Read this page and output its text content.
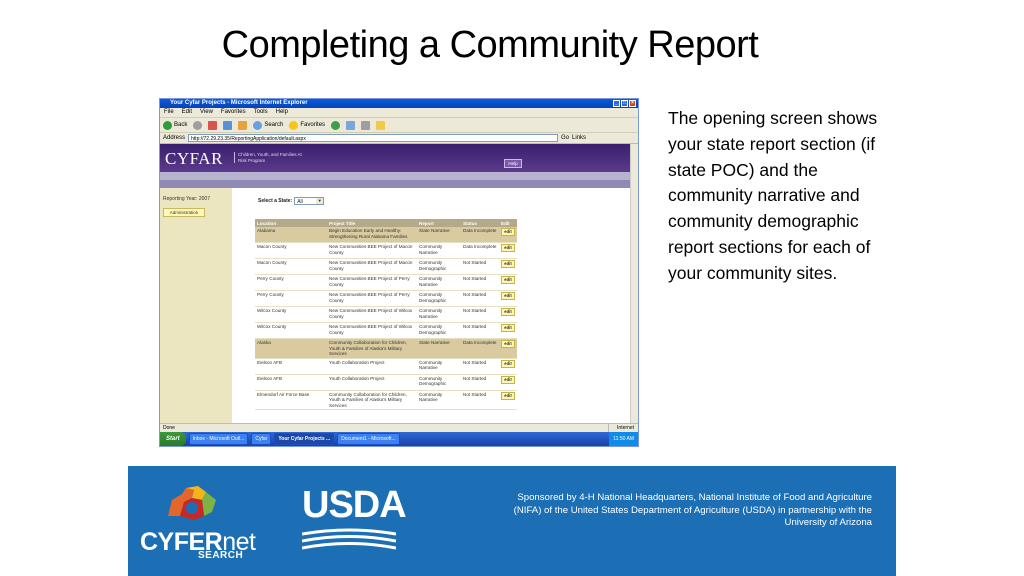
Completing a Community Report
The opening screen shows your state report section (if state POC) and the community narrative and community demographic report sections for each of your community sites.
Your Cyfar Projects - Microsoft Internet Explorer	_	□	×
File Edit View Favorites Tools Help
Back	Search	Favorites
Address	http://72.29.23.35/ReportingApplication/default.aspx	Go Links
CYFAR	Children, Youth, and Families At Risk Program
Help
Reporting Year: 2007
Administration
Select a State:	All ▼
Location	Project Title	Report	Status	Edit
Alabama	Begin Education Early and Healthy: Strengthening Rural Alabama Families	State Narrative	Data Incomplete	edit
Macon County	New Communities BEE Project of Macon County	Community Narrative	Data Incomplete	edit
Macon County	New Communities BEE Project of Macon County	Community Demographic	Not Started	edit
Perry County	New Communities BEE Project of Perry County	Community Narrative	Not Started	edit
Perry County	New Communities BEE Project of Perry County	Community Demographic	Not Started	edit
Wilcox County	New Communities BEE Project of Wilcox County	Community Narrative	Not Started	edit
Wilcox County	New Communities BEE Project of Wilcox County	Community Demographic	Not Started	edit
Alaska	Community Collaboration for Children, Youth & Families of Alaska's Military Services	State Narrative	Data Incomplete	edit
Eielson AFB	Youth Collaboration Project	Community Narrative	Not Started	edit
Eielson AFB	Youth Collaboration Project	Community Demographic	Not Started	edit
Elmendorf Air Force Base	Community Collaboration for Children, Youth & Families of Alaska's Military Services	Community Narrative	Not Started	edit
Done	Internet
Start	Inbox - Microsoft Outl...	Cyfar	Your Cyfar Projects ...	Document1 - Microsoft...	11:50 AM
CYFERnet
SEARCH
USDA	Sponsored by 4-H National Headquarters, National Institute of Food and Agriculture (NIFA) of the United States Department of Agriculture (USDA) in partnership with the University of Arizona
